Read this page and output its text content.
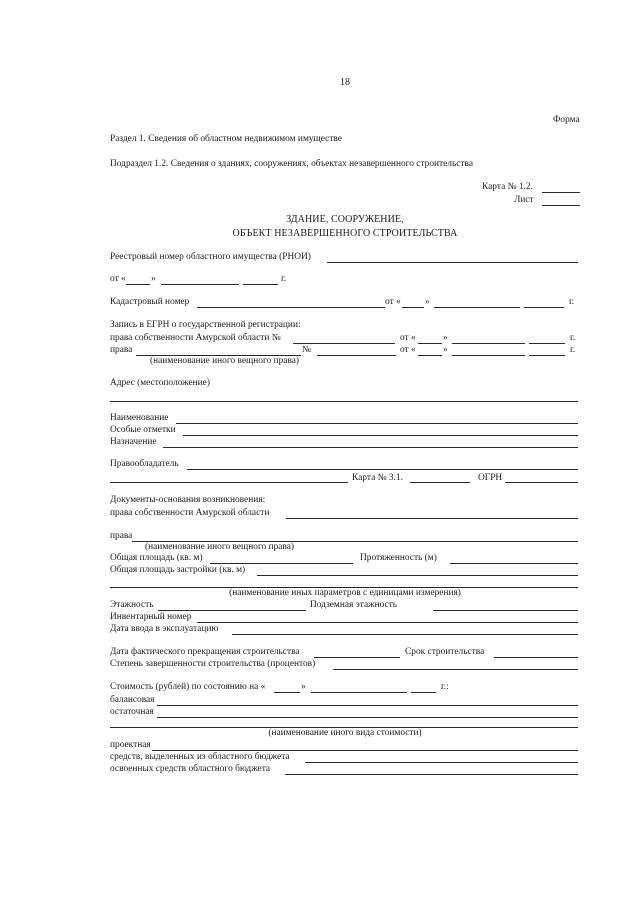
18
Форма
Раздел 1. Сведения об областном недвижимом имуществе
Подраздел 1.2. Сведения о зданиях, сооружениях, объектах незавершенного строительства
Карта № 1.2.
Лист
ЗДАНИЕ, СООРУЖЕНИЕ,
ОБЪЕКТ НЕЗАВЕРШЕННОГО СТРОИТЕЛЬСТВА
Реестровый номер областного имущества (РНОИ)
от «	»	г.
Кадастровый номер	от «	»	г.
Запись в ЕГРН о государственной регистрации:
права собственности Амурской области №	от «	»	г.
права	№	от «	»	г.
(наименование иного вещного права)
Адрес (местоположение)
Наименование
Особые отметки
Назначение
Правообладатель
Карта № 3.1.	ОГРН
Документы-основания возникновения:
права собственности Амурской области
права
(наименование иного вещного права)
Общая площадь (кв. м)	Протяженность (м)
Общая площадь застройки (кв. м)
(наименование иных параметров с единицами измерения)
Этажность	Подземная этажность
Инвентарный номер
Дата ввода в эксплуатацию
Дата фактического прекращения строительства	Срок строительства
Степень завершенности строительства (процентов)
Стоимость (рублей) по состоянию на «	»	г.:
балансовая
остаточная
(наименование иного вида стоимости)
проектная
средств, выделенных из областного бюджета
освоенных средств областного бюджета
